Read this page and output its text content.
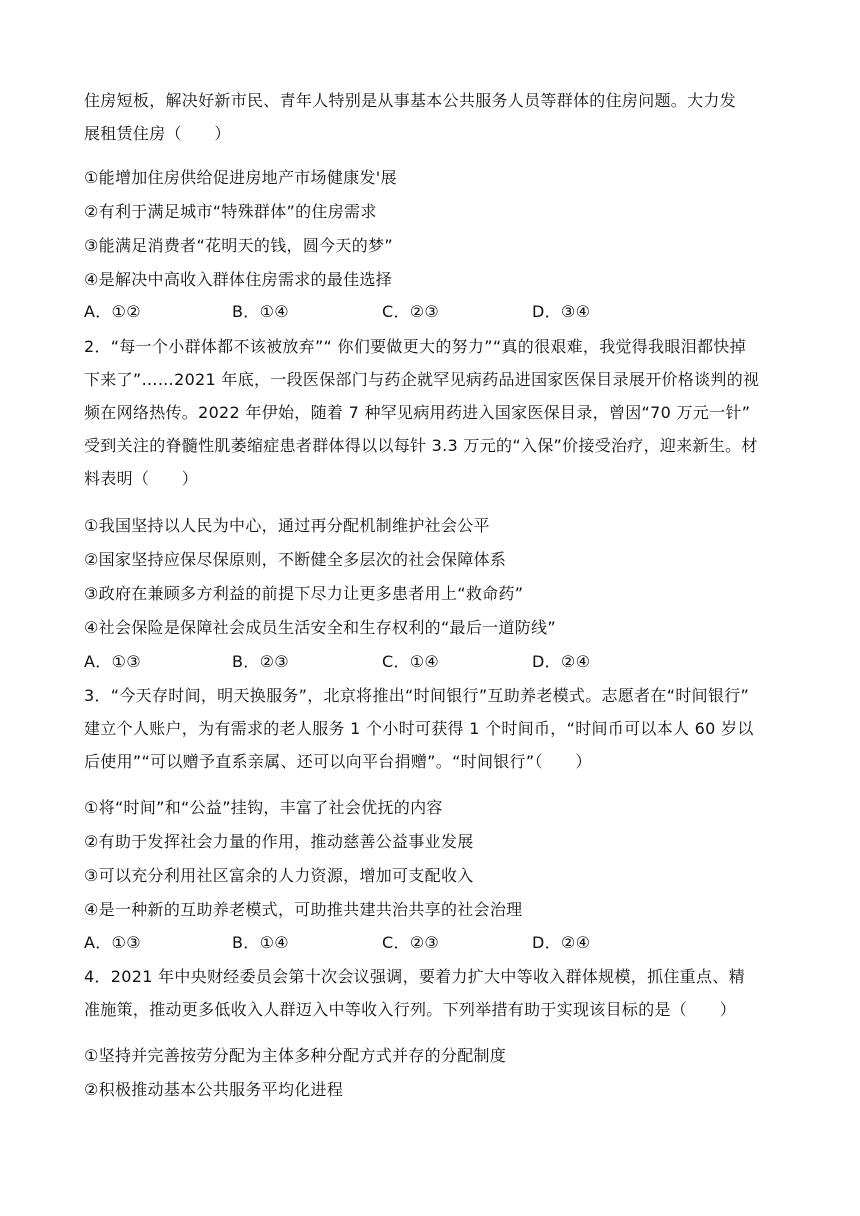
住房短板，解决好新市民、青年人特别是从事基本公共服务人员等群体的住房问题。大力发

展租赁住房（　　）

①能增加住房供给促进房地产市场健康发'展

②有利于满足城市“特殊群体”的住房需求

③能满足消费者“花明天的钱，圆今天的梦”

④是解决中高收入群体住房需求的最佳选择

A．①②	B．①④	C．②③	D．③④

2．“每一个小群体都不该被放弃”“ 你们要做更大的努力”“真的很艰难，我觉得我眼泪都快掉

下来了”……2021 年底，一段医保部门与药企就罕见病药品进国家医保目录展开价格谈判的视

频在网络热传。2022 年伊始，随着 7 种罕见病用药进入国家医保目录，曾因“70 万元一针”

受到关注的脊髓性肌萎缩症患者群体得以以每针 3.3 万元的“入保”价接受治疗，迎来新生。材

料表明（　　）

①我国坚持以人民为中心，通过再分配机制维护社会公平

②国家坚持应保尽保原则，不断健全多层次的社会保障体系

③政府在兼顾多方利益的前提下尽力让更多患者用上“救命药”

④社会保险是保障社会成员生活安全和生存权利的“最后一道防线”

A．①③	B．②③	C．①④	D．②④

3．“今天存时间，明天换服务”，北京将推出“时间银行”互助养老模式。志愿者在“时间银行”

建立个人账户，为有需求的老人服务 1 个小时可获得 1 个时间币，“时间币可以本人 60 岁以

后使用”“可以赠予直系亲属、还可以向平台捐赠”。“时间银行”（　　）

①将“时间”和“公益”挂钩，丰富了社会优抚的内容

②有助于发挥社会力量的作用，推动慈善公益事业发展

③可以充分利用社区富余的人力资源，增加可支配收入

④是一种新的互助养老模式，可助推共建共治共享的社会治理

A．①③	B．①④	C．②③	D．②④

4．2021 年中央财经委员会第十次会议强调，要着力扩大中等收入群体规模，抓住重点、精

准施策，推动更多低收入人群迈入中等收入行列。下列举措有助于实现该目标的是（　　）

①坚持并完善按劳分配为主体多种分配方式并存的分配制度

②积极推动基本公共服务平均化进程
